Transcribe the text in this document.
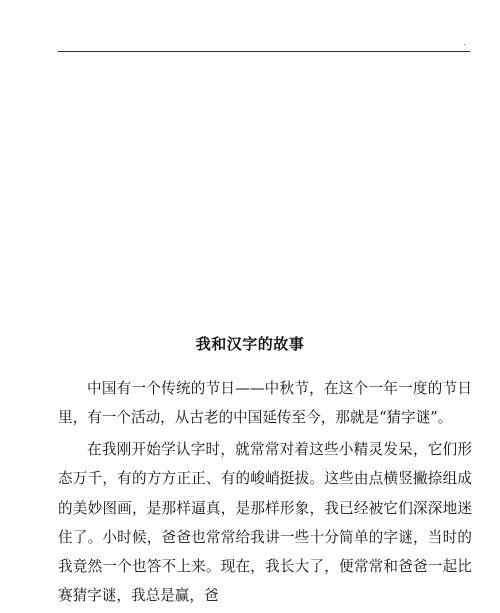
.
我和汉字的故事

中国有一个传统的节日——中秋节，在这个一年一度的节日里，有一个活动，从古老的中国延传至今，那就是“猜字谜”。

在我刚开始学认字时，就常常对着这些小精灵发呆，它们形态万千，有的方方正正、有的峻峭挺拔。这些由点横竖撇捺组成的美妙图画，是那样逼真，是那样形象，我已经被它们深深地迷住了。小时候，爸爸也常常给我讲一些十分简单的字谜，当时的我竟然一个也答不上来。现在，我长大了，便常常和爸爸一起比赛猜字谜，我总是赢，爸
